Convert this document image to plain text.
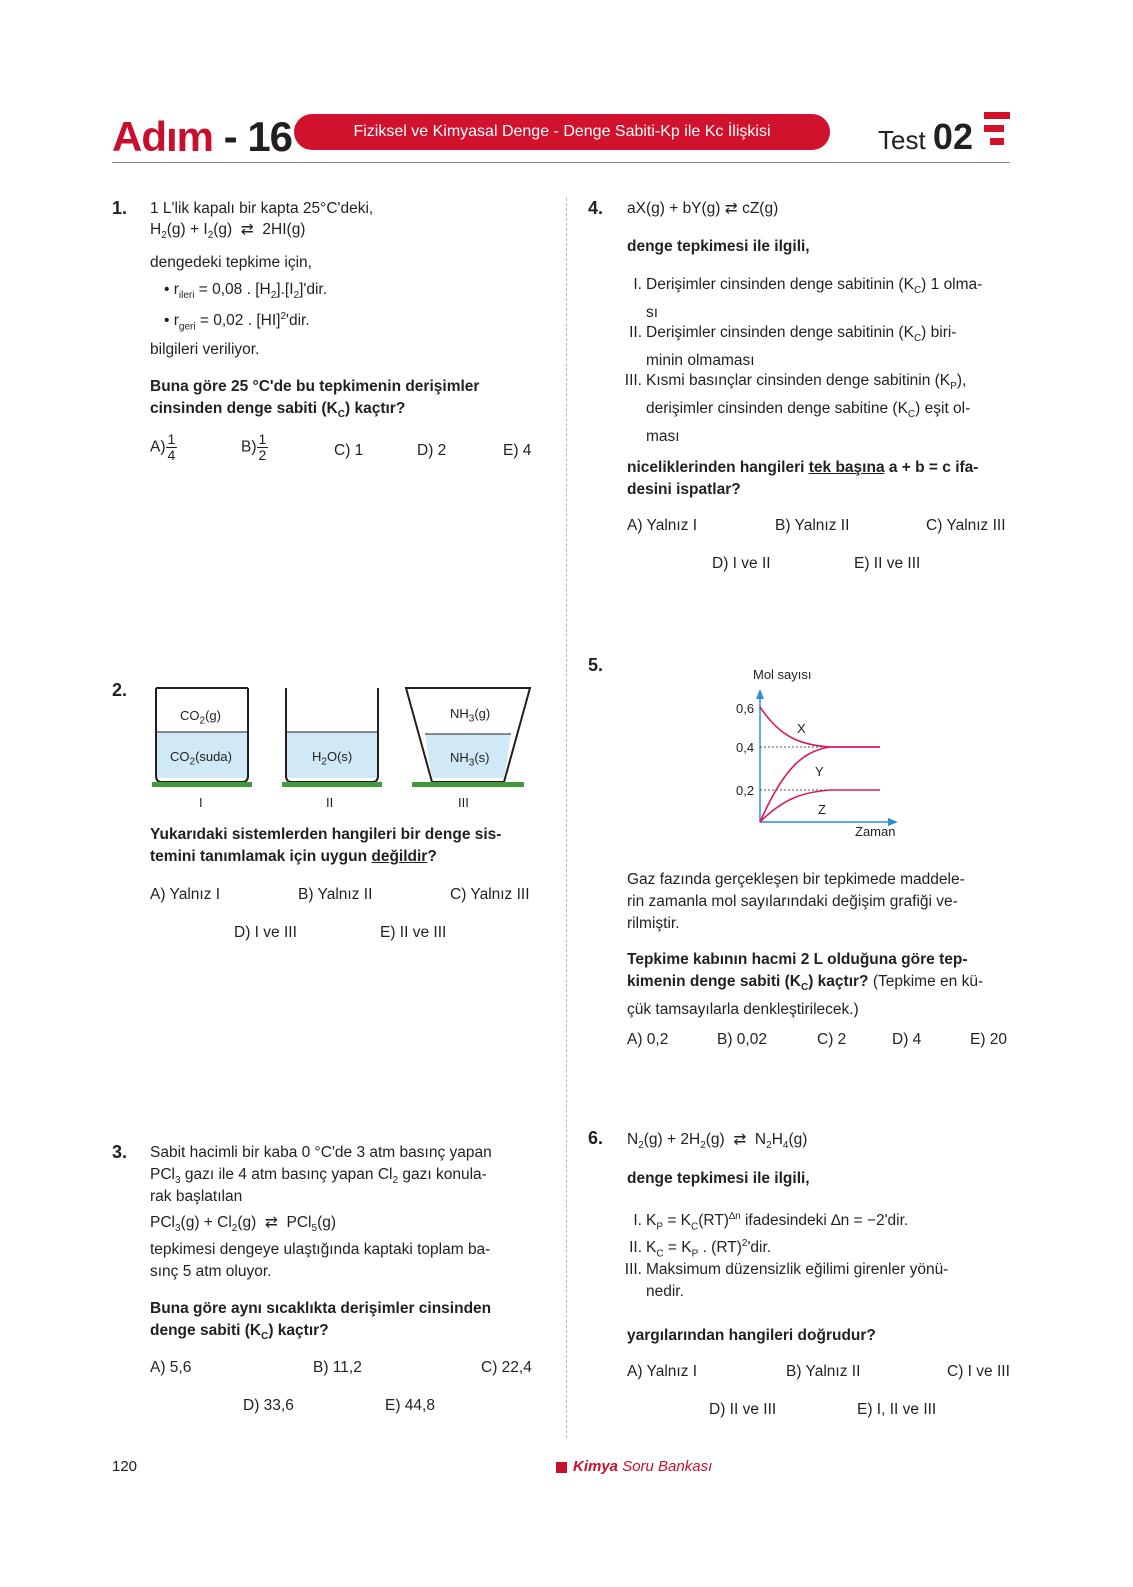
Adım - 16	Fiziksel ve Kimyasal Denge - Denge Sabiti-Kp ile Kc İlişkisi	Test 02
1. 1 L'lik kapalı bir kapta 25°C'deki,
$H_2(g) + I_2(g)$  ⇄  2HI(g)
dengedeki tepkime için,
• $r_{ileri} = 0,08$ . $[H_2].[I_2]'dir$.
• $r_{geri} = 0,02$ . [HI]$^2$'dir.
bilgileri veriliyor.
Buna göre 25 °C'de bu tepkimenin derişimler cinsinden denge sabiti $(K_C)$ kaçtır?
$A) \frac{1}{4}$	$B) \frac{1}{2}$	C) 1	D) 2	E) 4
2.
$CO_2(g)$
$CO_2(suda)$	$H_2O(s)$
$NH_3(g)$
$NH_3(s)$
I	II	III
Yukarıdaki sistemlerden hangileri bir denge sis-
temini tanımlamak için uygun değildir?
A) Yalnız I	B) Yalnız II	C) Yalnız III
D) I ve III	E) II ve III
3. Sabit hacimli bir kaba 0 °C'de 3 atm basınç yapan
PCl$_3$ gazı ile 4 atm basınç yapan $Cl_2$ gazı konula-
rak başlatılan
$PCl_3(g) + Cl_2(g)$  ⇄  PCl$_5$(g)
tepkimesi dengeye ulaştığında kaptaki toplam ba-
sınç 5 atm oluyor.
Buna göre aynı sıcaklıkta derişimler cinsinden
denge sabiti $(K_C)$ kaçtır?
A) 5,6	B) 11,2	C) 22,4
D) 33,6	E) 44,8
4. aX(g) + bY(g) ⇄ cZ(g)
denge tepkimesi ile ilgili,
I. Derişimler cinsinden denge sabitinin $(K_C)$ 1 olma-
sı
II. Derişimler cinsinden denge sabitinin $(K_C)$ biri-
minin olmaması
III. Kısmi basınçlar cinsinden denge sabitinin $(K_P)$,
derişimler cinsinden denge sabitine $(K_C)$ eşit ol-
ması
niceliklerinden hangileri tek başına a + b = c ifa-
desini ispatlar?
A) Yalnız I	B) Yalnız II	C) Yalnız III
D) I ve II	E) II ve III
5.	Mol sayısı
Zaman
0,6
0,4
0,2
X
Y
Z
Gaz fazında gerçekleşen bir tepkimede maddele-
rin zamanla mol sayılarındaki değişim grafiği ve-
rilmiştir.
Tepkime kabının hacmi 2 L olduğuna göre tep-
kimenin denge sabiti $(K_C)$ kaçtır? (Tepkime en kü-
çük tamsayılarla denkleştirilecek.)
A) 0,2	B) 0,02	C) 2	D) 4	E) 20
6. $N_2(g) + 2H_2(g)$  ⇄  $N_2H_4(g)$
denge tepkimesi ile ilgili,
I. $K_P = K_C(RT)^{\Delta n}$ ifadesindeki ∆n = −2'dir.
II. $K_C = K_P$ . (RT)$^2$'dir.
III. Maksimum düzensizlik eğilimi girenler yönü-
nedir.
yargılarından hangileri doğrudur?
A) Yalnız I	B) Yalnız II	C) I ve III
D) II ve III	E) I, II ve III
120	Kimya Soru Bankası
